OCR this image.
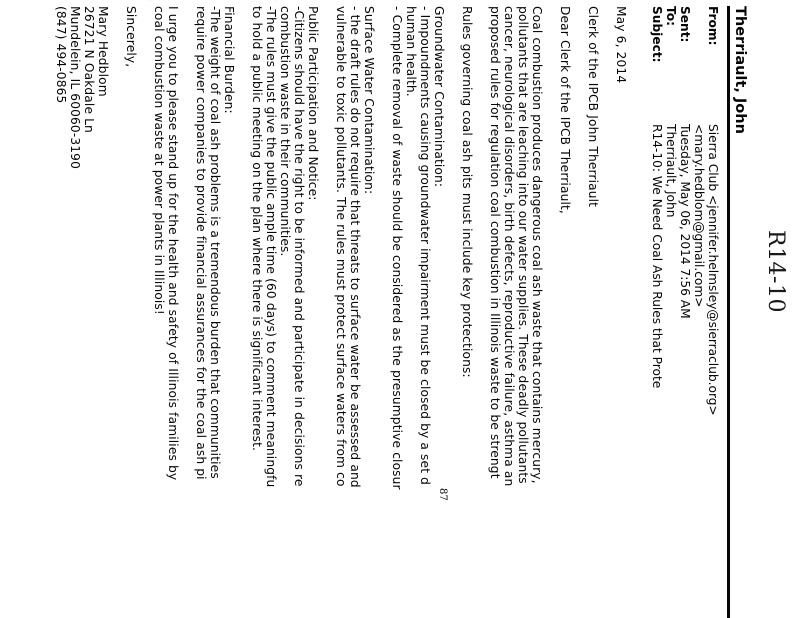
R14-10
Therriault, John
From:
Sierra Club <jennifer.helmsley@sierraclub.org>
<mary.hedblom@gmail.com>
Sent:
Tuesday, May 06, 2014 7:56 AM
To:
Therriault, John
Subject:
R14-10: We Need Coal Ash Rules that Prote
May 6, 2014
Clerk of the IPCB John Therriault
Dear Clerk of the IPCB Therriault,
Coal combustion produces dangerous coal ash waste that contains mercury,
pollutants that are leaching into our water supplies. These deadly pollutants
cancer, neurological disorders, birth defects, reproductive failure, asthma an
proposed rules for regulation coal combustion in Illinois waste to be strengt
Rules governing coal ash pits must include key protections:
Groundwater Contamination:
- Impoundments causing groundwater impairment must be closed by a set d
human health.
- Complete removal of waste should be considered as the presumptive closur
Surface Water Contamination:
- the draft rules do not require that threats to surface water be assessed and
vulnerable to toxic pollutants. The rules must protect surface waters from co
Public Participation and Notice:
-Citizens should have the right to be informed and participate in decisions re
combustion waste in their communities.
-The rules must give the public ample time (60 days) to comment meaningfu
to hold a public meeting on the plan where there is significant interest.
Financial Burden:
-The weight of coal ash problems is a tremendous burden that communities
require power companies to provide financial assurances for the coal ash pi
I urge you to please stand up for the health and safety of Illinois families by
coal combustion waste at power plants in Illinois!
Sincerely,
Mary Hedblom
26721 N Oakdale Ln
Mundelein, IL 60060-3190
(847) 494-0865
87
